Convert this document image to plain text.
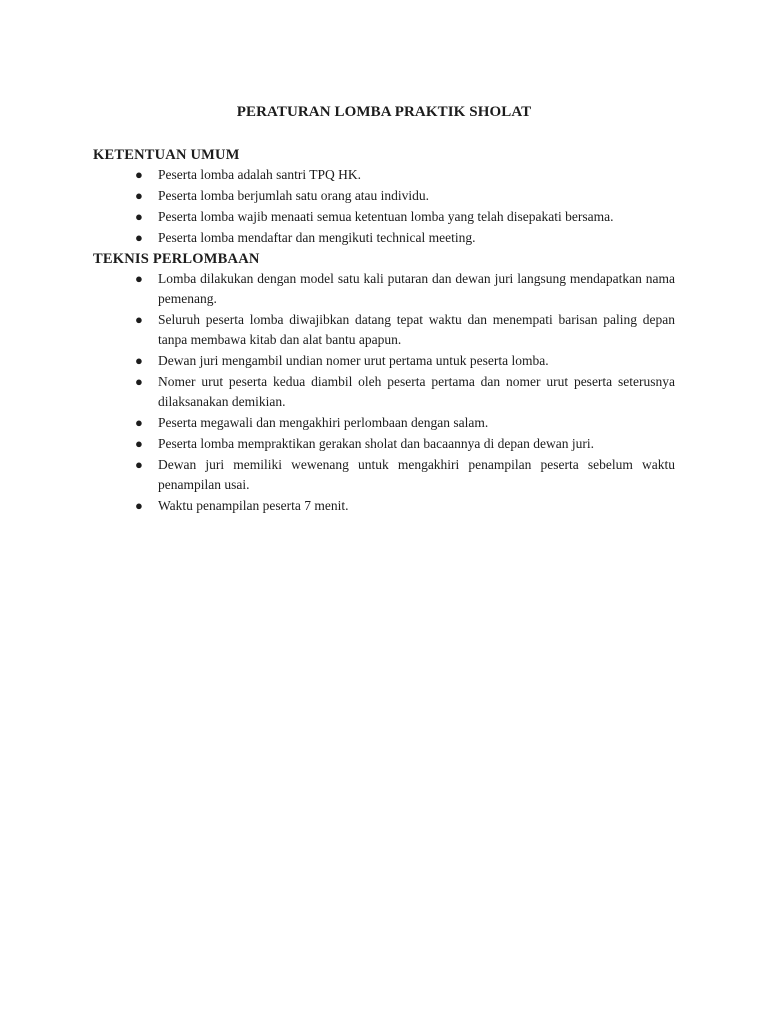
PERATURAN LOMBA PRAKTIK SHOLAT
KETENTUAN UMUM
● Peserta lomba adalah santri TPQ HK.
● Peserta lomba berjumlah satu orang atau individu.
● Peserta lomba wajib menaati semua ketentuan lomba yang telah disepakati bersama.
● Peserta lomba mendaftar dan mengikuti technical meeting.
TEKNIS PERLOMBAAN
● Lomba dilakukan dengan model satu kali putaran dan dewan juri langsung mendapatkan nama pemenang.
● Seluruh peserta lomba diwajibkan datang tepat waktu dan menempati barisan paling depan tanpa membawa kitab dan alat bantu apapun.
● Dewan juri mengambil undian nomer urut pertama untuk peserta lomba.
● Nomer urut peserta kedua diambil oleh peserta pertama dan nomer urut peserta seterusnya dilaksanakan demikian.
● Peserta megawali dan mengakhiri perlombaan dengan salam.
● Peserta lomba mempraktikan gerakan sholat dan bacaannya di depan dewan juri.
● Dewan juri memiliki wewenang untuk mengakhiri penampilan peserta sebelum waktu penampilan usai.
● Waktu penampilan peserta 7 menit.
